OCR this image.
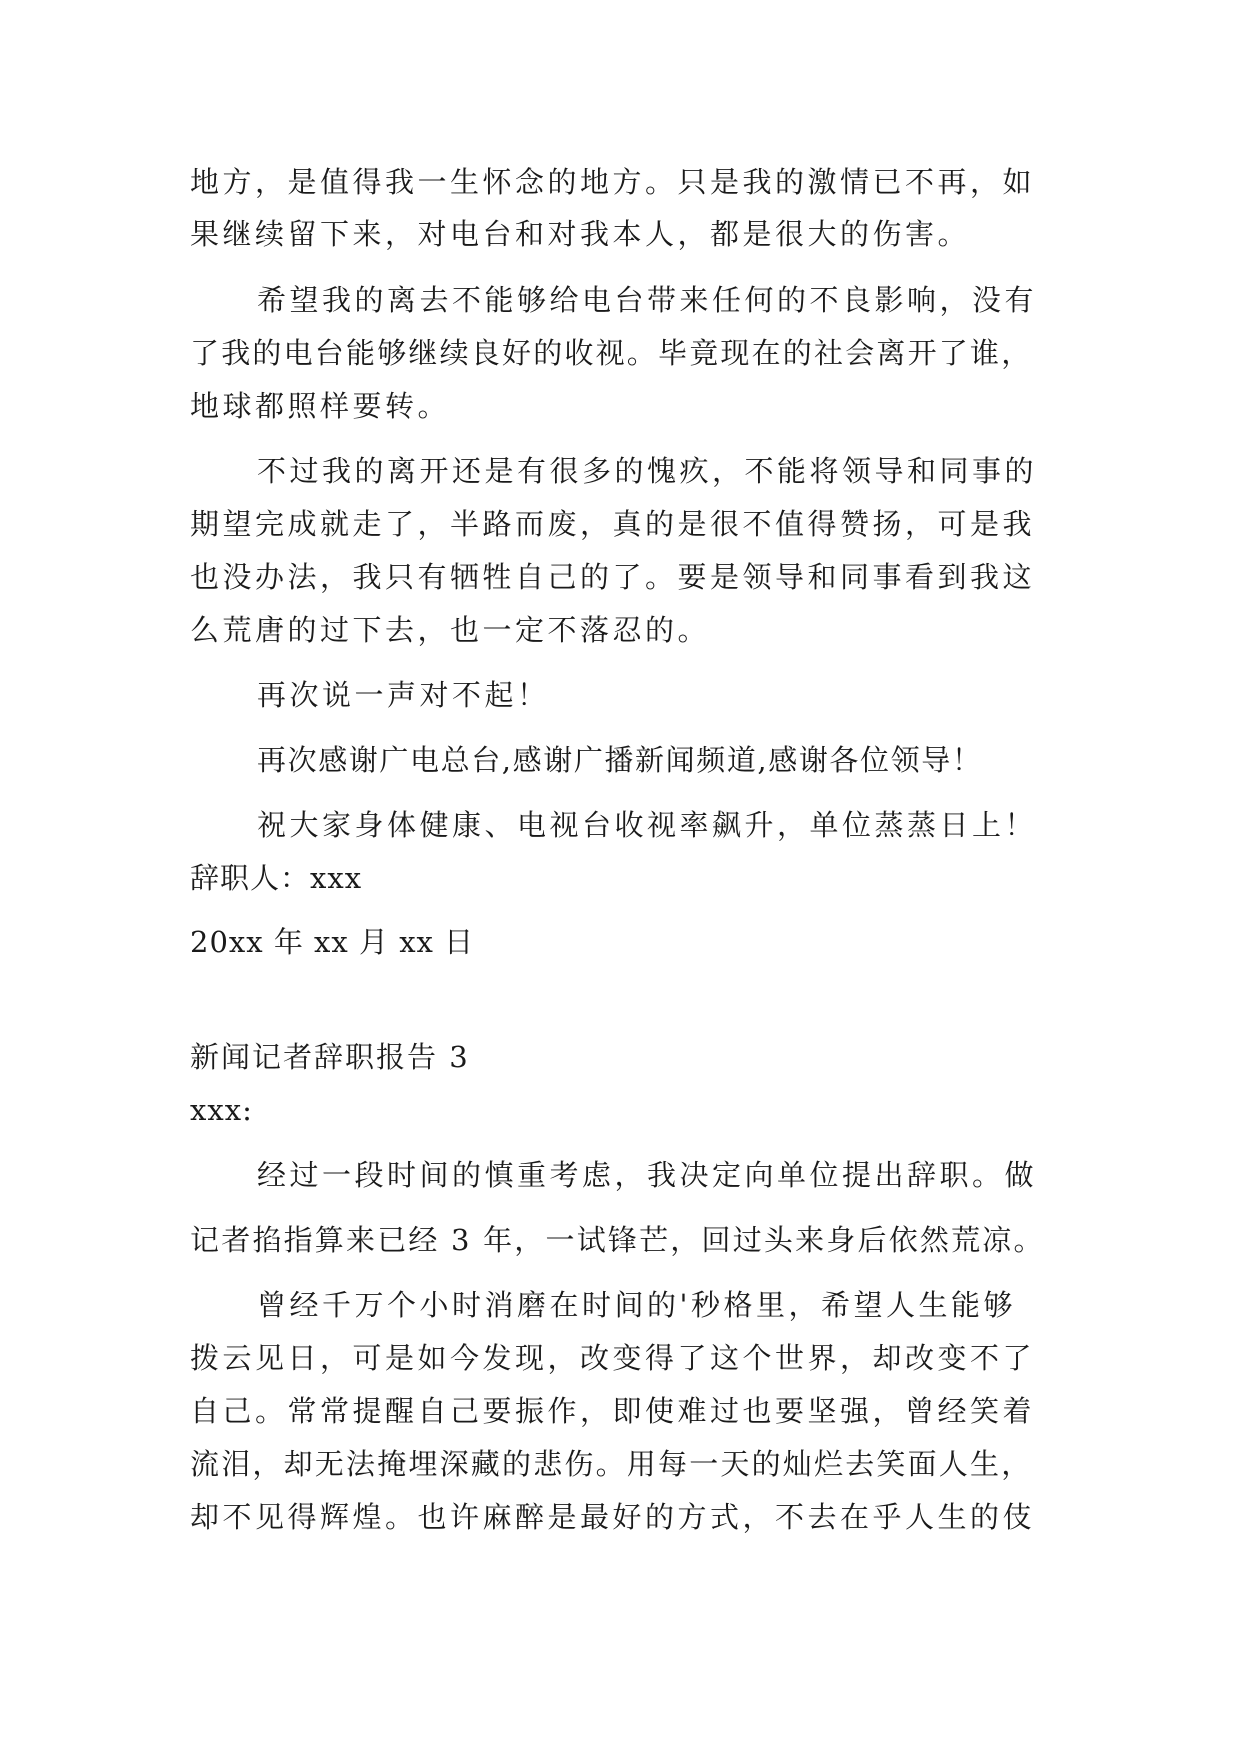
地方，是值得我一生怀念的地方。只是我的激情已不再，如
果继续留下来，对电台和对我本人，都是很大的伤害。
希望我的离去不能够给电台带来任何的不良影响，没有
了我的电台能够继续良好的收视。毕竟现在的社会离开了谁，
地球都照样要转。
不过我的离开还是有很多的愧疚，不能将领导和同事的
期望完成就走了，半路而废，真的是很不值得赞扬，可是我
也没办法，我只有牺牲自己的了。要是领导和同事看到我这
么荒唐的过下去，也一定不落忍的。
再次说一声对不起！
再次感谢广电总台,感谢广播新闻频道,感谢各位领导！
祝大家身体健康、电视台收视率飙升，单位蒸蒸日上！
辞职人：xxx
20xx 年 xx 月 xx 日
新闻记者辞职报告 3
xxx:
经过一段时间的慎重考虑，我决定向单位提出辞职。做
记者掐指算来已经 3 年，一试锋芒，回过头来身后依然荒凉。
曾经千万个小时消磨在时间的'秒格里，希望人生能够
拨云见日，可是如今发现，改变得了这个世界，却改变不了
自己。常常提醒自己要振作，即使难过也要坚强，曾经笑着
流泪，却无法掩埋深藏的悲伤。用每一天的灿烂去笑面人生，
却不见得辉煌。也许麻醉是最好的方式，不去在乎人生的伎
